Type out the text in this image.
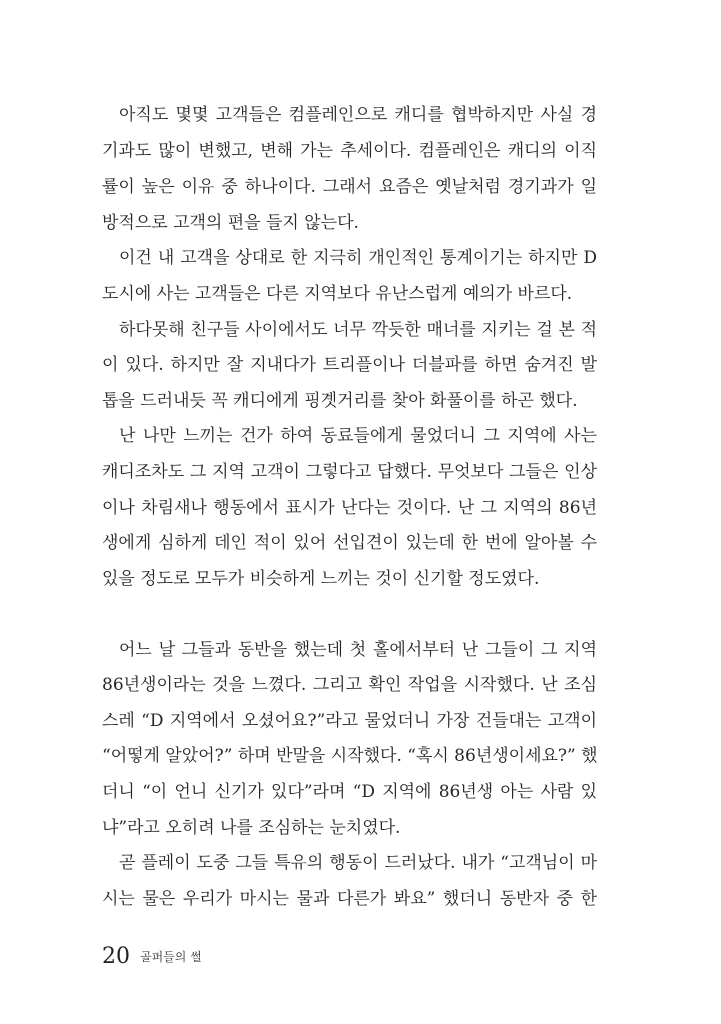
아직도 몇몇 고객들은 컴플레인으로 캐디를 협박하지만 사실 경
기과도 많이 변했고, 변해 가는 추세이다. 컴플레인은 캐디의 이직
률이 높은 이유 중 하나이다. 그래서 요즘은 옛날처럼 경기과가 일
방적으로 고객의 편을 들지 않는다.
이건 내 고객을 상대로 한 지극히 개인적인 통계이기는 하지만 D
도시에 사는 고객들은 다른 지역보다 유난스럽게 예의가 바르다.
하다못해 친구들 사이에서도 너무 깍듯한 매너를 지키는 걸 본 적
이 있다. 하지만 잘 지내다가 트리플이나 더블파를 하면 숨겨진 발
톱을 드러내듯 꼭 캐디에게 핑곗거리를 찾아 화풀이를 하곤 했다.
난 나만 느끼는 건가 하여 동료들에게 물었더니 그 지역에 사는
캐디조차도 그 지역 고객이 그렇다고 답했다. 무엇보다 그들은 인상
이나 차림새나 행동에서 표시가 난다는 것이다. 난 그 지역의 86년
생에게 심하게 데인 적이 있어 선입견이 있는데 한 번에 알아볼 수
있을 정도로 모두가 비슷하게 느끼는 것이 신기할 정도였다.
어느 날 그들과 동반을 했는데 첫 홀에서부터 난 그들이 그 지역
86년생이라는 것을 느꼈다. 그리고 확인 작업을 시작했다. 난 조심
스레 “D 지역에서 오셨어요?”라고 물었더니 가장 건들대는 고객이
“어떻게 알았어?” 하며 반말을 시작했다. “혹시 86년생이세요?” 했
더니 “이 언니 신기가 있다”라며 “D 지역에 86년생 아는 사람 있
냐”라고 오히려 나를 조심하는 눈치였다.
곧 플레이 도중 그들 특유의 행동이 드러났다. 내가 “고객님이 마
시는 물은 우리가 마시는 물과 다른가 봐요” 했더니 동반자 중 한
20 골퍼들의 썰
